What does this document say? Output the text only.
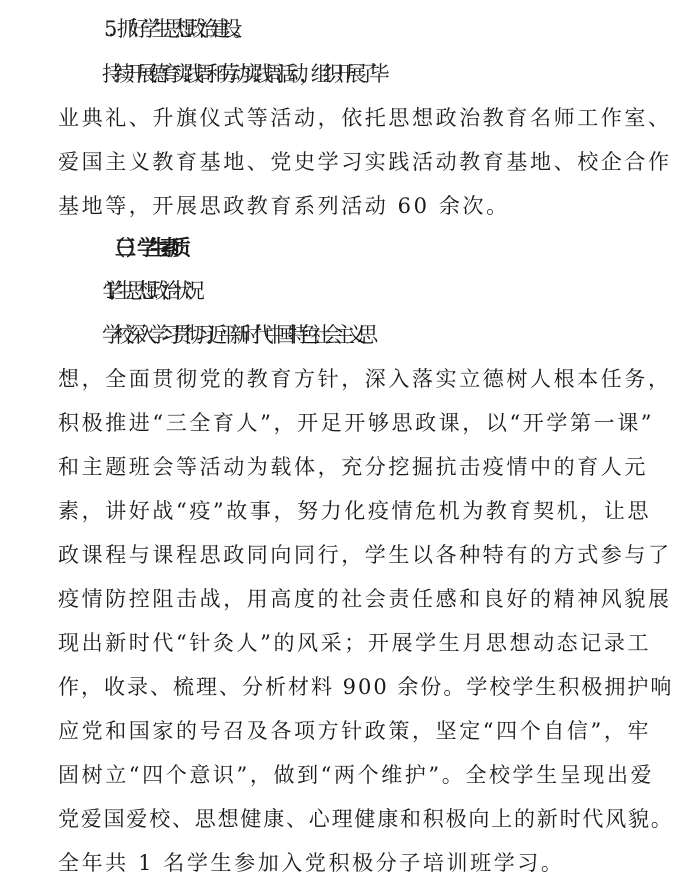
5.　抓好学生思想政治建设。
持续开展德育实践周和劳动实践周活动，组织开展了毕
业典礼、升旗仪式等活动，依托思想政治教育名师工作室、
爱国主义教育基地、党史学习实践活动教育基地、校企合作
基地等，开展思政教育系列活动 60 余次。
（三）学生素质
1. 学生思想政治状况
学校深入学习贯彻习近平新时代中国特色社会主义思
想，全面贯彻党的教育方针，深入落实立德树人根本任务，
积极推进“三全育人”，开足开够思政课，以“开学第一课”
和主题班会等活动为载体，充分挖掘抗击疫情中的育人元
素，讲好战“疫”故事，努力化疫情危机为教育契机，让思
政课程与课程思政同向同行，学生以各种特有的方式参与了
疫情防控阻击战，用高度的社会责任感和良好的精神风貌展
现出新时代“针灸人”的风采；开展学生月思想动态记录工
作，收录、梳理、分析材料 900 余份。学校学生积极拥护响
应党和国家的号召及各项方针政策，坚定“四个自信”，牢
固树立“四个意识”，做到“两个维护”。全校学生呈现出爱
党爱国爱校、思想健康、心理健康和积极向上的新时代风貌。
全年共 1 名学生参加入党积极分子培训班学习。
